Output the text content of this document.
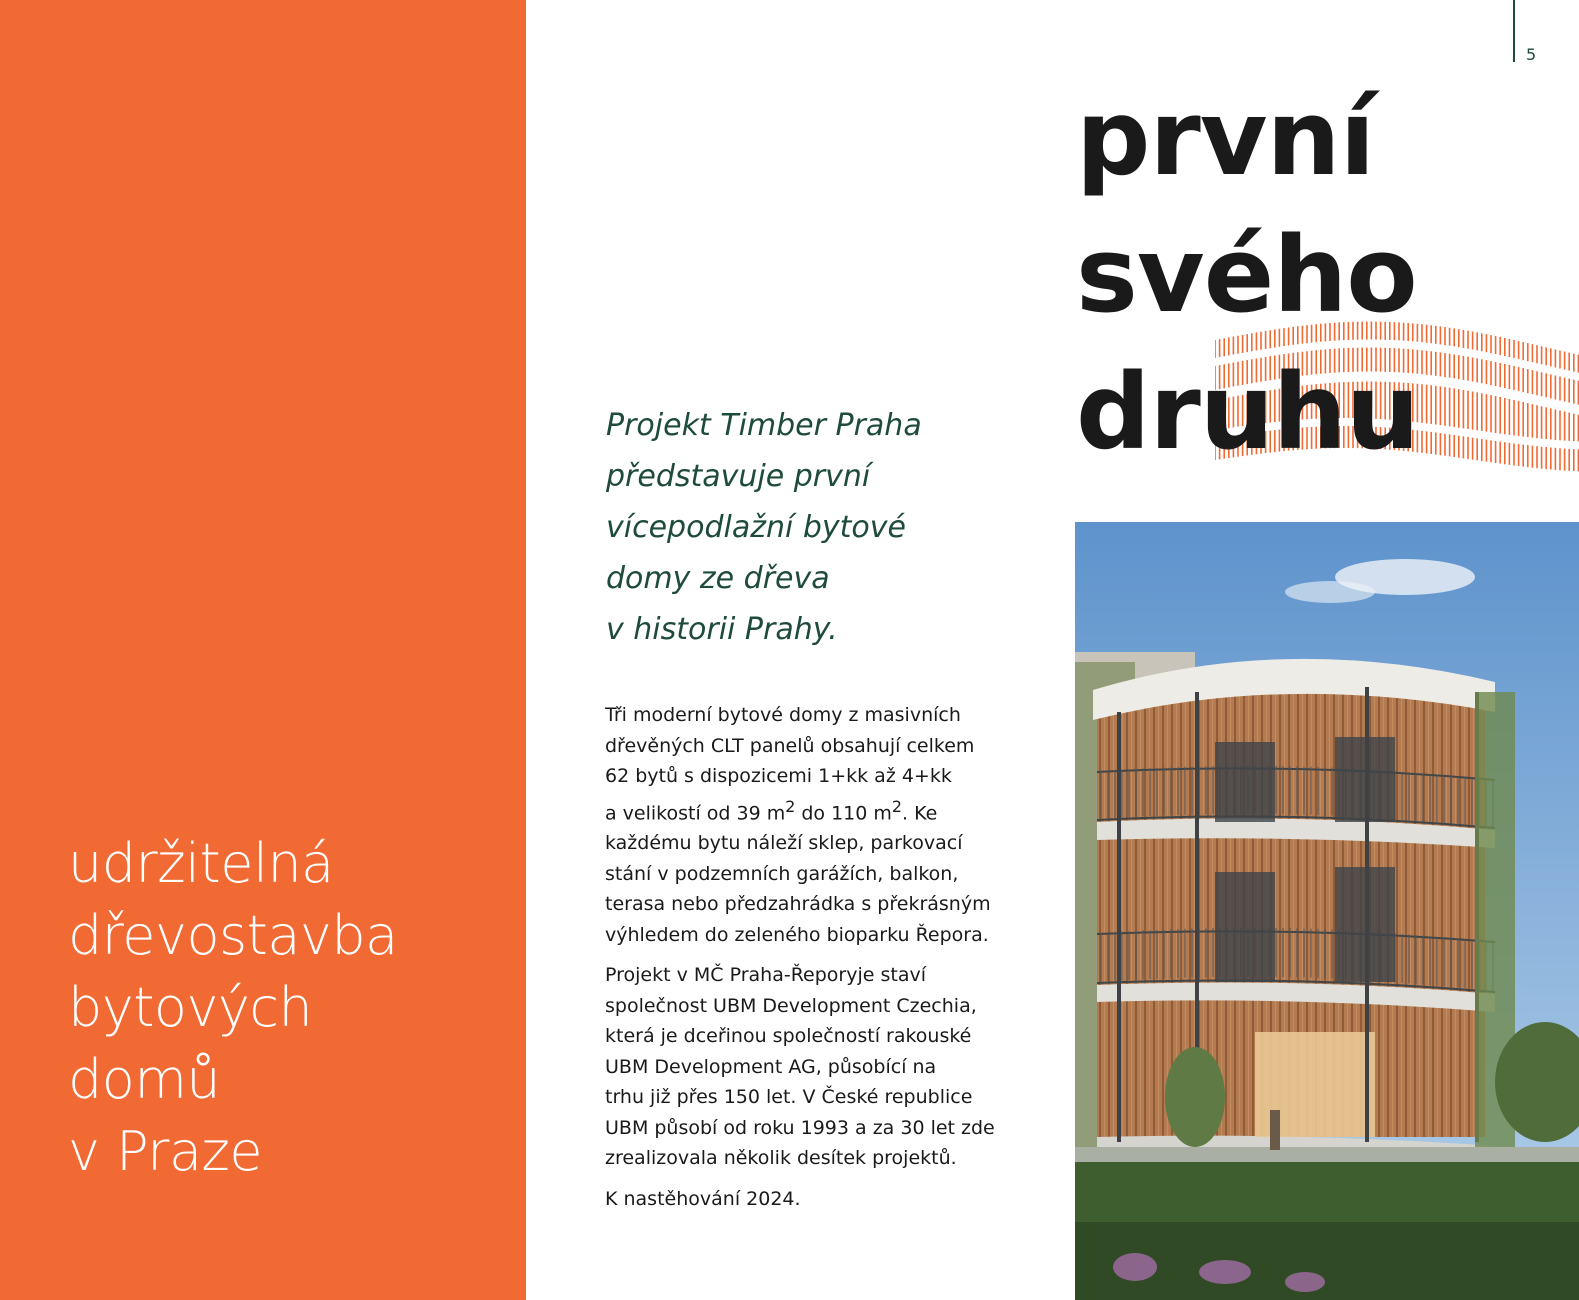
udržitelná
dřevostavba
bytových
domů
v Praze
5
první
svého
druhu
Projekt Timber Praha
představuje první
vícepodlažní bytové
domy ze dřeva
v historii Prahy.

Tři moderní bytové domy z masivních
dřevěných CLT panelů obsahují celkem
62 bytů s dispozicemi 1+kk až 4+kk
a velikostí od 39 $m^2$ do 110 $m^2$. Ke
každému bytu náleží sklep, parkovací
stání v podzemních garážích, balkon,
terasa nebo předzahrádka s překrásným
výhledem do zeleného bioparku Řepora.

Projekt v MČ Praha-Řeporyje staví
společnost UBM Development Czechia,
která je dceřinou společností rakouské
UBM Development AG, působící na
trhu již přes 150 let. V České republice
UBM působí od roku 1993 a za 30 let zde
zrealizovala několik desítek projektů.

K nastěhování 2024.
